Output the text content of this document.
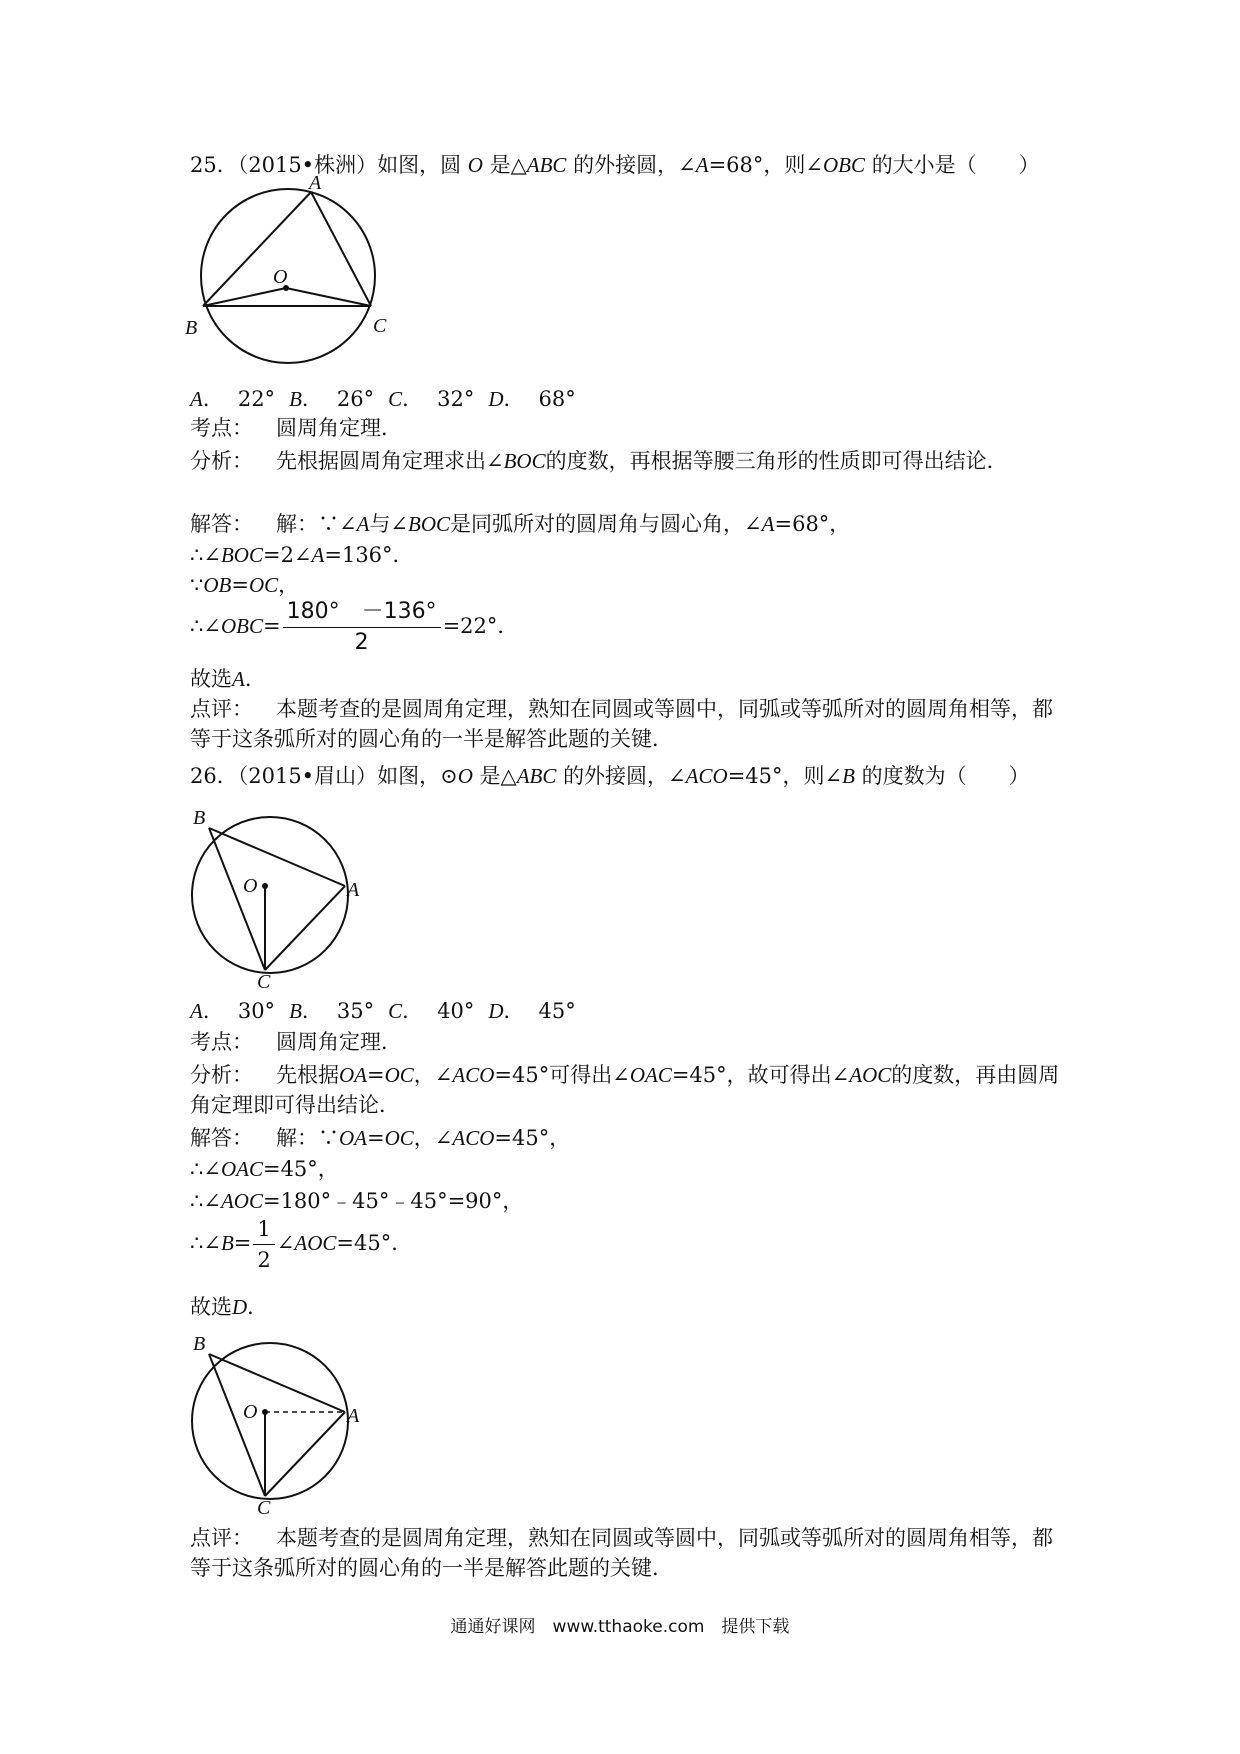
25．（2015•株洲）如图，圆 O 是△ABC 的外接圆，∠A=68°，则∠OBC 的大小是（　　）
A
O
B	C
A． 22° B． 26° C． 32° D． 68°
考点： 圆周角定理．
分析： 先根据圆周角定理求出∠BOC的度数，再根据等腰三角形的性质即可得出结论．
解答： 解：∵∠A与∠BOC是同弧所对的圆周角与圆心角，∠A=68°，
∴∠BOC=2∠A=136°．
∵OB=OC，
∴∠OBC= $\frac{180^\circ -136^\circ}{2} =22^\circ$．
故选A．
点评： 本题考查的是圆周角定理，熟知在同圆或等圆中，同弧或等弧所对的圆周角相等，都等于这条弧所对的圆心角的一半是解答此题的关键．
26．（2015•眉山）如图，⊙O 是△ABC 的外接圆，∠ACO=45°，则∠B 的度数为（　　）
B
O	A
C
A． 30° B． 35° C． 40° D． 45°
考点： 圆周角定理．
分析： 先根据OA=OC，∠ACO=45°可得出∠OAC=45°，故可得出∠AOC的度数，再由圆周角定理即可得出结论．
解答： 解：∵OA=OC，∠ACO=45°，
∴∠OAC=45°，
∴∠AOC=180°﹣45°﹣45°=90°，
∴∠B= $\frac{1}{2}$ ∠AOC=45°．
故选D．
B
O	A
C
点评： 本题考查的是圆周角定理，熟知在同圆或等圆中，同弧或等弧所对的圆周角相等，都等于这条弧所对的圆心角的一半是解答此题的关键．
通通好课网　www.tthaoke.com　提供下载
